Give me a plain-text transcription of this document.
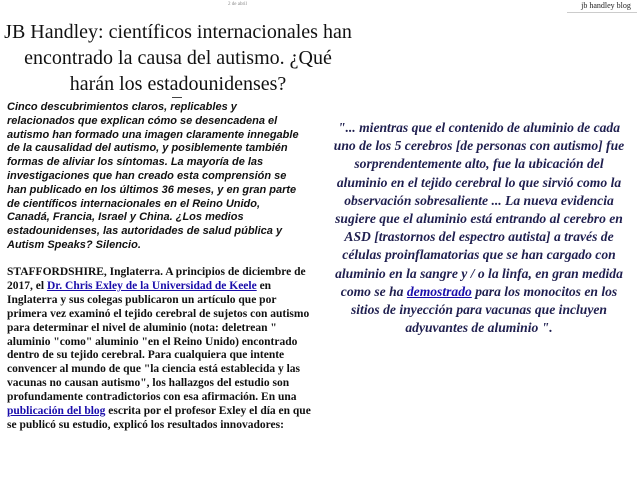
2 de abril	jb handley blog
JB Handley: científicos internacionales han encontrado la causa del autismo. ¿Qué harán los estadounidenses?

Cinco descubrimientos claros, replicables y relacionados que explican cómo se desencadena el autismo han formado una imagen claramente innegable de la causalidad del autismo, y posiblemente también formas de aliviar los síntomas. La mayoría de las investigaciones que han creado esta comprensión se han publicado en los últimos 36 meses, y en gran parte de científicos internacionales en el Reino Unido, Canadá, Francia, Israel y China. ¿Los medios estadounidenses, las autoridades de salud pública y Autism Speaks? Silencio.

STAFFORDSHIRE, Inglaterra. A principios de diciembre de 2017, el Dr. Chris Exley de la Universidad de Keele en Inglaterra y sus colegas publicaron un artículo que por primera vez examinó el tejido cerebral de sujetos con autismo para determinar el nivel de aluminio (nota: deletrean " aluminio "como" aluminio "en el Reino Unido) encontrado dentro de su tejido cerebral. Para cualquiera que intente convencer al mundo de que "la ciencia está establecida y las vacunas no causan autismo", los hallazgos del estudio son profundamente contradictorios con esa afirmación. En una publicación del blog escrita por el profesor Exley el día en que se publicó su estudio, explicó los resultados innovadores:

"... mientras que el contenido de aluminio de cada uno de los 5 cerebros [de personas con autismo] fue sorprendentemente alto, fue la ubicación del aluminio en el tejido cerebral lo que sirvió como la observación sobresaliente ... La nueva evidencia sugiere que el aluminio está entrando al cerebro en ASD [trastornos del espectro autista] a través de células proinflamatorias que se han cargado con aluminio en la sangre y / o la linfa, en gran medida como se ha demostrado para los monocitos en los sitios de inyección para vacunas que incluyen adyuvantes de aluminio ".
